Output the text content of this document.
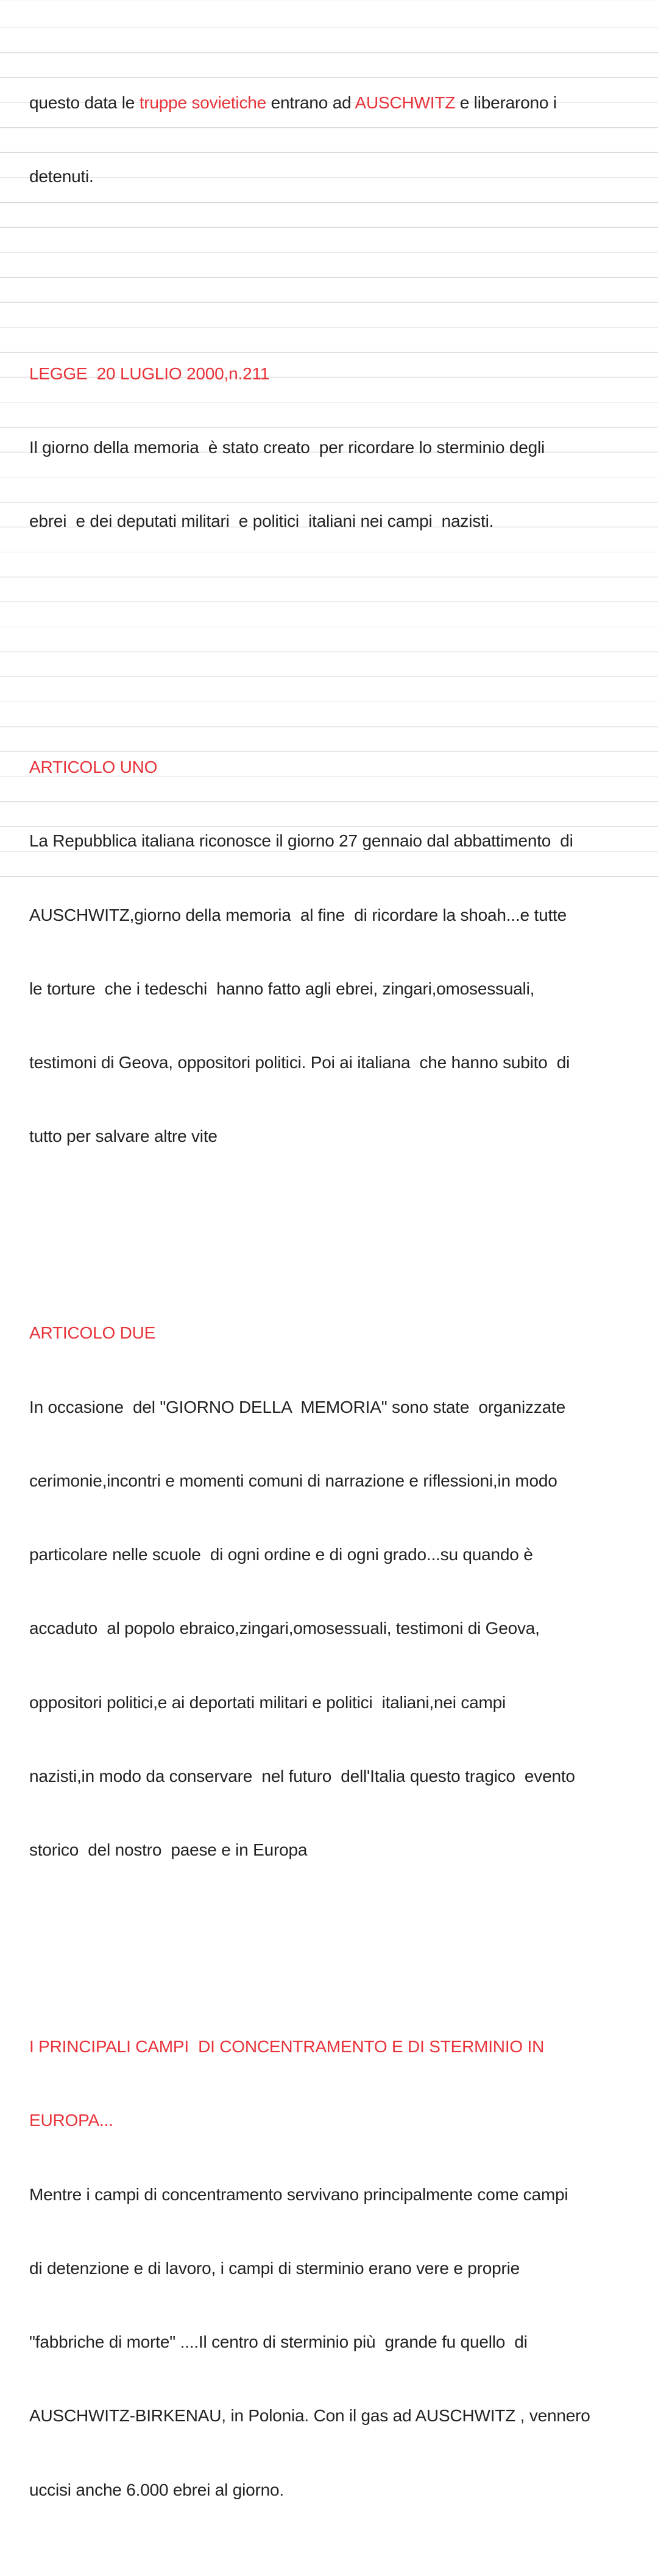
questo data le truppe sovietiche entrano ad AUSCHWITZ e liberarono i

detenuti.

LEGGE  20 LUGLIO 2000,n.211

Il giorno della memoria  è stato creato  per ricordare lo sterminio degli

ebrei  e dei deputati militari  e politici  italiani nei campi  nazisti.

ARTICOLO UNO

La Repubblica italiana riconosce il giorno 27 gennaio dal abbattimento  di

AUSCHWITZ,giorno della memoria  al fine  di ricordare la shoah...e tutte

le torture  che i tedeschi  hanno fatto agli ebrei, zingari,omosessuali,

testimoni di Geova, oppositori politici. Poi ai italiana  che hanno subito  di

tutto per salvare altre vite

ARTICOLO DUE

In occasione  del "GIORNO DELLA  MEMORIA" sono state  organizzate

cerimonie,incontri e momenti comuni di narrazione e riflessioni,in modo

particolare nelle scuole  di ogni ordine e di ogni grado...su quando è

accaduto  al popolo ebraico,zingari,omosessuali, testimoni di Geova,

oppositori politici,e ai deportati militari e politici  italiani,nei campi

nazisti,in modo da conservare  nel futuro  dell'Italia questo tragico  evento

storico  del nostro  paese e in Europa

I PRINCIPALI CAMPI  DI CONCENTRAMENTO E DI STERMINIO IN

EUROPA...

Mentre i campi di concentramento servivano principalmente come campi

di detenzione e di lavoro, i campi di sterminio erano vere e proprie

"fabbriche di morte" ....Il centro di sterminio più  grande fu quello  di

AUSCHWITZ-BIRKENAU, in Polonia. Con il gas ad AUSCHWITZ , vennero

uccisi anche 6.000 ebrei al giorno.
